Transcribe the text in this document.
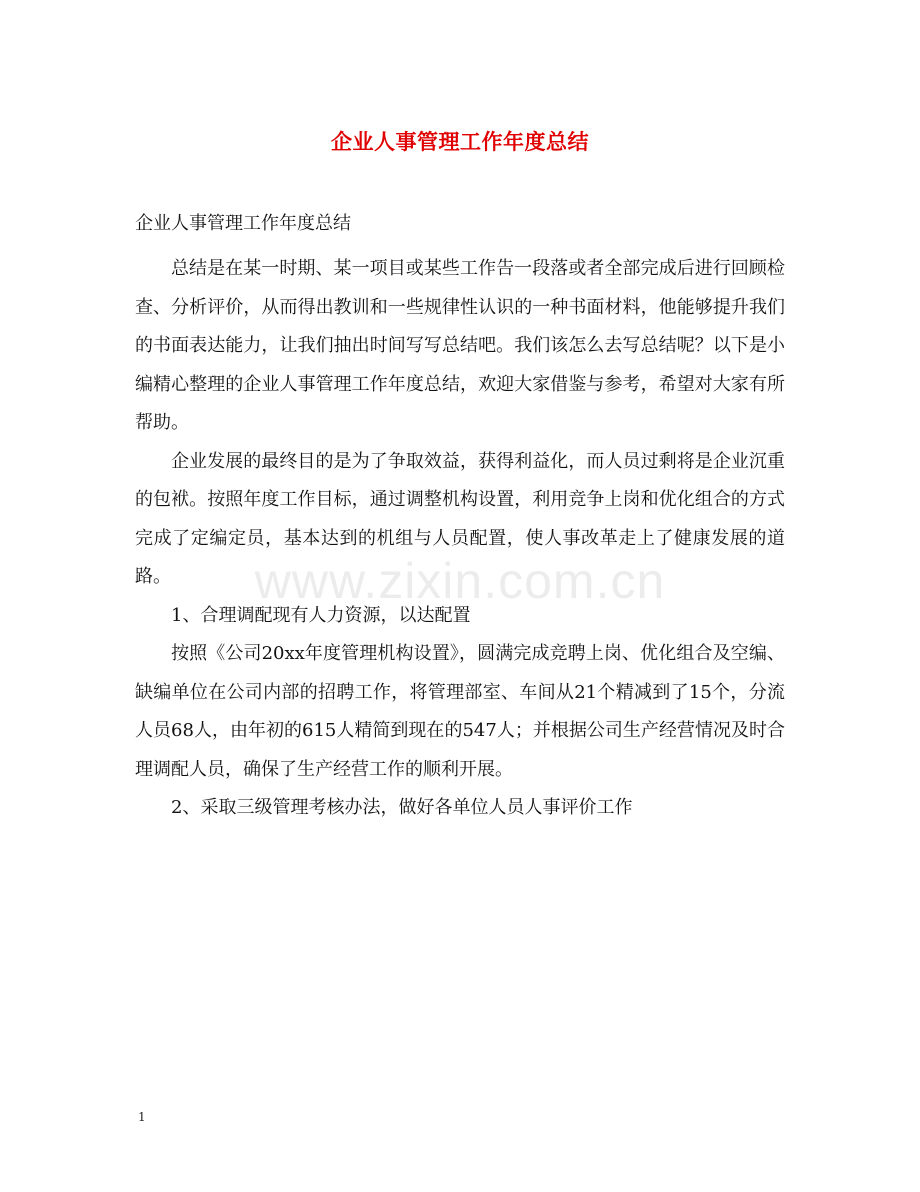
企业人事管理工作年度总结
企业人事管理工作年度总结

总结是在某一时期、某一项目或某些工作告一段落或者全部完成后进行回顾检查、分析评价，从而得出教训和一些规律性认识的一种书面材料，他能够提升我们的书面表达能力，让我们抽出时间写写总结吧。我们该怎么去写总结呢？以下是小编精心整理的企业人事管理工作年度总结，欢迎大家借鉴与参考，希望对大家有所帮助。

企业发展的最终目的是为了争取效益，获得利益化，而人员过剩将是企业沉重的包袱。按照年度工作目标，通过调整机构设置，利用竞争上岗和优化组合的方式完成了定编定员，基本达到的机组与人员配置，使人事改革走上了健康发展的道路。

1、合理调配现有人力资源，以达配置

按照《公司20xx年度管理机构设置》，圆满完成竞聘上岗、优化组合及空编、缺编单位在公司内部的招聘工作，将管理部室、车间从21个精减到了15个，分流人员68人，由年初的615人精简到现在的547人；并根据公司生产经营情况及时合理调配人员，确保了生产经营工作的顺利开展。

2、采取三级管理考核办法，做好各单位人员人事评价工作

www.zixin.com.cn
1
